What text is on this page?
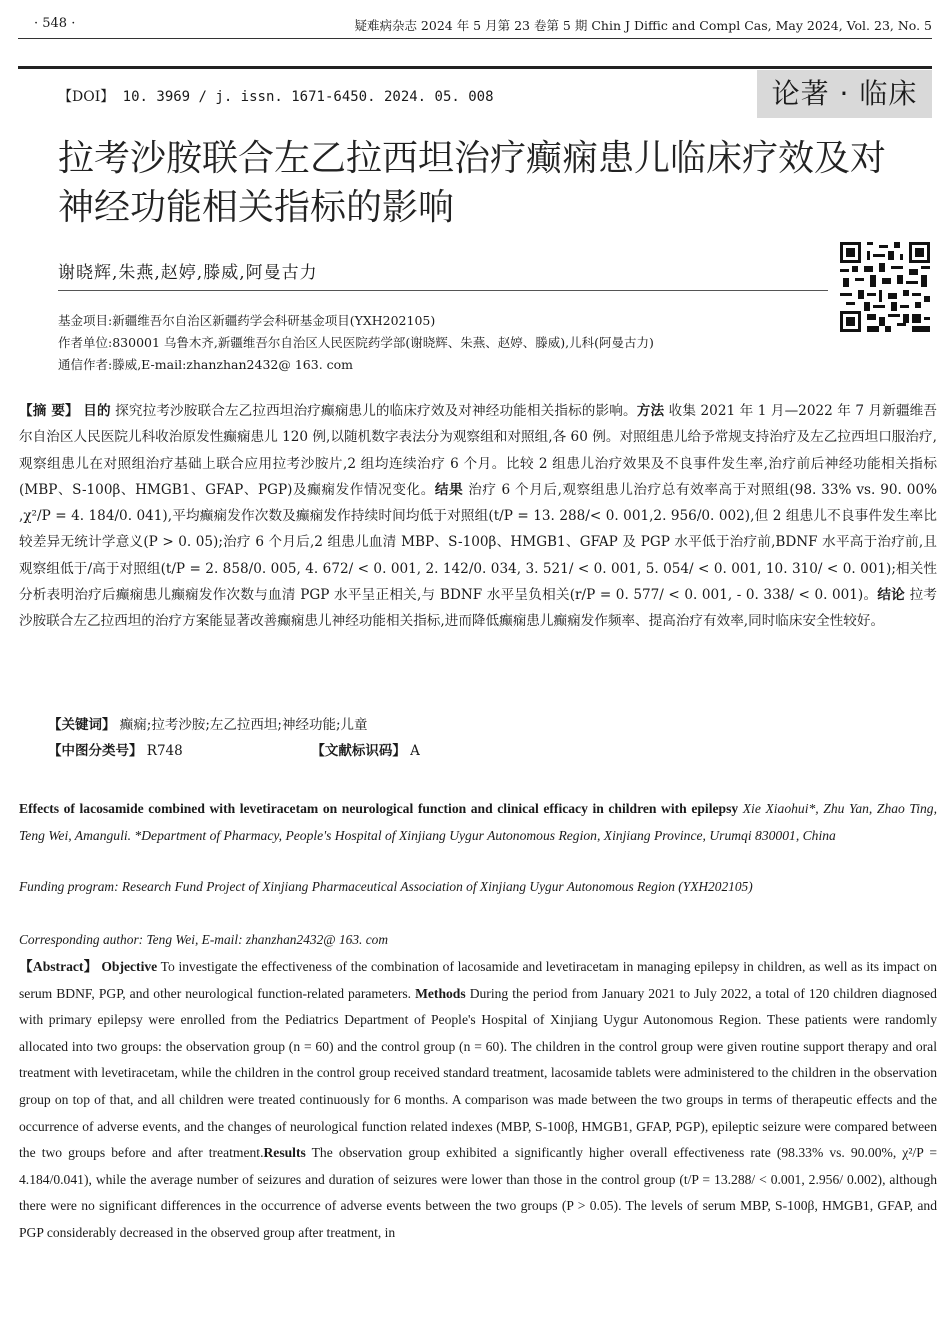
· 548 ·	疑难病杂志 2024 年 5 月第 23 卷第 5 期 Chin J Diffic and Compl Cas, May 2024, Vol. 23, No. 5
【DOI】 10. 3969 / j. issn. 1671-6450. 2024. 05. 008	论著 · 临床
拉考沙胺联合左乙拉西坦治疗癫痫患儿临床疗效及对神经功能相关指标的影响
谢晓辉,朱燕,赵婷,滕威,阿曼古力

基金项目:新疆维吾尔自治区新疆药学会科研基金项目(YXH202105)

作者单位:830001 乌鲁木齐,新疆维吾尔自治区人民医院药学部(谢晓辉、朱燕、赵婷、滕威),儿科(阿曼古力)

通信作者:滕威,E-mail:zhanzhan2432@ 163. com

【摘 要】 目的 探究拉考沙胺联合左乙拉西坦治疗癫痫患儿的临床疗效及对神经功能相关指标的影响。方法 收集 2021 年 1 月—2022 年 7 月新疆维吾尔自治区人民医院儿科收治原发性癫痫患儿 120 例,以随机数字表法分为观察组和对照组,各 60 例。对照组患儿给予常规支持治疗及左乙拉西坦口服治疗,观察组患儿在对照组治疗基础上联合应用拉考沙胺片,2 组均连续治疗 6 个月。比较 2 组患儿治疗效果及不良事件发生率,治疗前后神经功能相关指标(MBP、S-100β、HMGB1、GFAP、PGP)及癫痫发作情况变化。结果 治疗 6 个月后,观察组患儿治疗总有效率高于对照组(98. 33% vs. 90. 00% ,χ²/P = 4. 184/0. 041),平均癫痫发作次数及癫痫发作持续时间均低于对照组(t/P = 13. 288/< 0. 001,2. 956/0. 002),但 2 组患儿不良事件发生率比较差异无统计学意义(P > 0. 05);治疗 6 个月后,2 组患儿血清 MBP、S-100β、HMGB1、GFAP 及 PGP 水平低于治疗前,BDNF 水平高于治疗前,且观察组低于/高于对照组(t/P = 2. 858/0. 005, 4. 672/ < 0. 001, 2. 142/0. 034, 3. 521/ < 0. 001, 5. 054/ < 0. 001, 10. 310/ < 0. 001);相关性分析表明治疗后癫痫患儿癫痫发作次数与血清 PGP 水平呈正相关,与 BDNF 水平呈负相关(r/P = 0. 577/ < 0. 001, - 0. 338/ < 0. 001)。结论 拉考沙胺联合左乙拉西坦的治疗方案能显著改善癫痫患儿神经功能相关指标,进而降低癫痫患儿癫痫发作频率、提高治疗有效率,同时临床安全性较好。

【关键词】 癫痫;拉考沙胺;左乙拉西坦;神经功能;儿童

【中图分类号】 R748	【文献标识码】 A

Effects of lacosamide combined with levetiracetam on neurological function and clinical efficacy in children with epilepsy Xie Xiaohui*, Zhu Yan, Zhao Ting, Teng Wei, Amanguli. *Department of Pharmacy, People's Hospital of Xinjiang Uygur Autonomous Region, Xinjiang Province, Urumqi 830001, China
Funding program: Research Fund Project of Xinjiang Pharmaceutical Association of Xinjiang Uygur Autonomous Region (YXH202105)
Corresponding author: Teng Wei, E-mail: zhanzhan2432@ 163. com
【Abstract】 Objective To investigate the effectiveness of the combination of lacosamide and levetiracetam in managing epilepsy in children, as well as its impact on serum BDNF, PGP, and other neurological function-related parameters. Methods During the period from January 2021 to July 2022, a total of 120 children diagnosed with primary epilepsy were enrolled from the Pediatrics Department of People's Hospital of Xinjiang Uygur Autonomous Region. These patients were randomly allocated into two groups: the observation group (n = 60) and the control group (n = 60). The children in the control group were given routine support therapy and oral treatment with levetiracetam, while the children in the control group received standard treatment, lacosamide tablets were administered to the children in the observation group on top of that, and all children were treated continuously for 6 months. A comparison was made between the two groups in terms of therapeutic effects and the occurrence of adverse events, and the changes of neurological function related indexes (MBP, S-100β, HMGB1, GFAP, PGP), epileptic seizure were compared between the two groups before and after treatment.Results The observation group exhibited a significantly higher overall effectiveness rate (98.33% vs. 90.00%, χ²/P = 4.184/0.041), while the average number of seizures and duration of seizures were lower than those in the control group (t/P = 13.288/ < 0.001, 2.956/ 0.002), although there were no significant differences in the occurrence of adverse events between the two groups (P > 0.05). The levels of serum MBP, S-100β, HMGB1, GFAP, and PGP considerably decreased in the observed group after treatment, in
